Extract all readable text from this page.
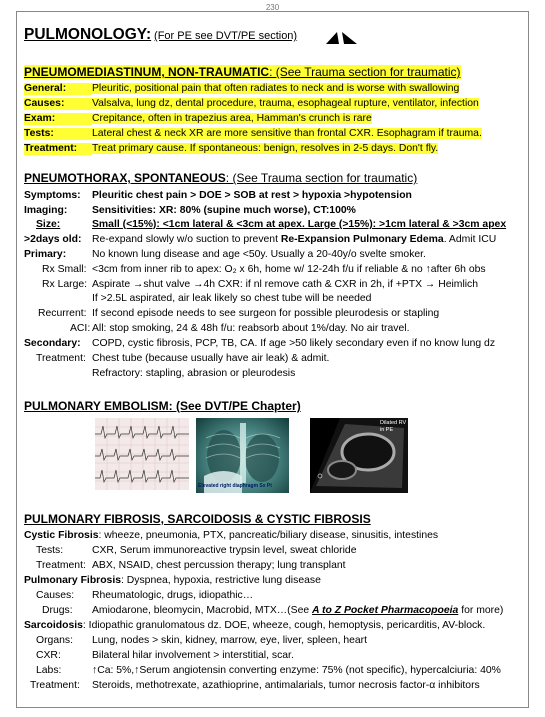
230
PULMONOLOGY: (For PE see DVT/PE section)
PNEUMOMEDIASTINUM, NON-TRAUMATIC: (See Trauma section for traumatic)
General:	Pleuritic, positional pain that often radiates to neck and is worse with swallowing
Causes:	Valsalva, lung dz, dental procedure, trauma, esophageal rupture, ventilator, infection
Exam:	Crepitance, often in trapezius area, Hamman's crunch is rare
Tests:	Lateral chest & neck XR are more sensitive than frontal CXR. Esophagram if trauma.
Treatment:	Treat primary cause. If spontaneous: benign, resolves in 2-5 days. Don't fly.
PNEUMOTHORAX, SPONTANEOUS: (See Trauma section for traumatic)
Symptoms: Pleuritic chest pain > DOE > SOB at rest > hypoxia >hypotension
Imaging: Sensitivities: XR: 80% (supine much worse), CT:100%
Size:	Small (<15%): <1cm lateral & <3cm at apex. Large (>15%): >1cm lateral & >3cm apex
>2days old: Re-expand slowly w/o suction to prevent Re-Expansion Pulmonary Edema. Admit ICU
Primary: No known lung disease and age <50y. Usually a 20-40y/o svelte smoker.
Rx Small: <3cm from inner rib to apex: O₂ x 6h, home w/ 12-24h f/u if reliable & no ↑after 6h obs
Rx Large: Aspirate →shut valve →4h CXR: if nl remove cath & CXR in 2h, if +PTX → Heimlich
If >2.5L aspirated, air leak likely so chest tube will be needed
Recurrent: If second episode needs to see surgeon for possible pleurodesis or stapling
ACI: All: stop smoking, 24 & 48h f/u: reabsorb about 1%/day. No air travel.
Secondary: COPD, cystic fibrosis, PCP, TB, CA. If age >50 likely secondary even if no know lung dz
Treatment: Chest tube (because usually have air leak) & admit.
Refractory: stapling, abrasion or pleurodesis
PULMONARY EMBOLISM: (See DVT/PE Chapter)
Elevated right diaphragm Sx Pt
Dilated RV in PE
PULMONARY FIBROSIS, SARCOIDOSIS & CYSTIC FIBROSIS
Cystic Fibrosis: wheeze, pneumonia, PTX, pancreatic/biliary disease, sinusitis, intestines
Tests:	CXR, Serum immunoreactive trypsin level, sweat chloride
Treatment: ABX, NSAID, chest percussion therapy; lung transplant
Pulmonary Fibrosis: Dyspnea, hypoxia, restrictive lung disease
Causes: Rheumatologic, drugs, idiopathic…
Drugs: Amiodarone, bleomycin, Macrobid, MTX…(See A to Z Pocket Pharmacopoeia for more)
Sarcoidosis: Idiopathic granulomatous dz. DOE, wheeze, cough, hemoptysis, pericarditis, AV-block.
Organs: Lung, nodes > skin, kidney, marrow, eye, liver, spleen, heart
CXR:	Bilateral hilar involvement > interstitial, scar.
Labs:	↑Ca: 5%,↑Serum angiotensin converting enzyme: 75% (not specific), hypercalciuria: 40%
Treatment: Steroids, methotrexate, azathioprine, antimalarials, tumor necrosis factor-α inhibitors
